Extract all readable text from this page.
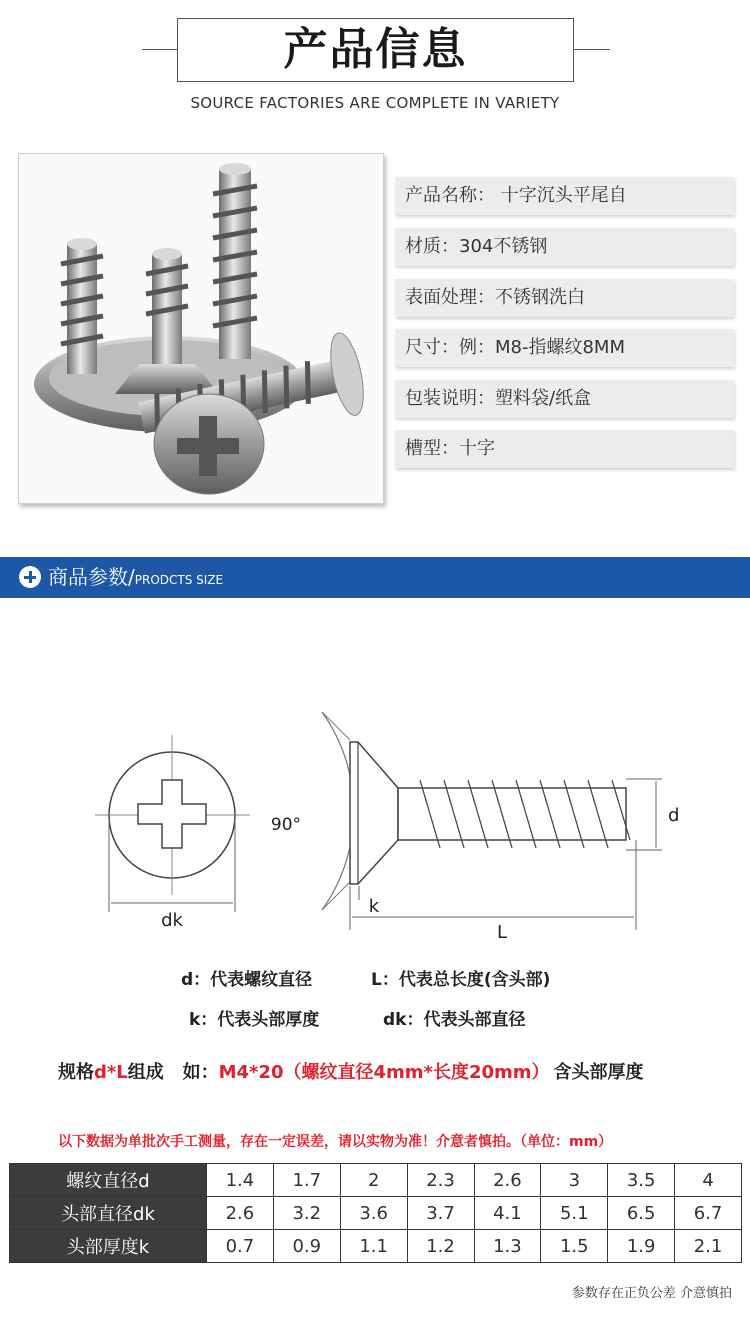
产品信息
SOURCE FACTORIES ARE COMPLETE IN VARIETY
产品名称： 十字沉头平尾自
材质：304不锈钢
表面处理：不锈钢洗白
尺寸：例：M8-指螺纹8MM
包装说明：塑料袋/纸盒
槽型：十字
商品参数/PRODCTS SIZE
dk
90°	d
k
L
d：代表螺纹直径	L：代表总长度(含头部)
k：代表头部厚度	dk：代表头部直径
规格d*L组成   如：M4*20（螺纹直径4mm*长度20mm） 含头部厚度
以下数据为单批次手工测量，存在一定误差，请以实物为准！介意者慎拍。（单位：mm）
螺纹直径d	1.4	1.7	2	2.3	2.6	3	3.5	4
头部直径dk	2.6	3.2	3.6	3.7	4.1	5.1	6.5	6.7
头部厚度k	0.7	0.9	1.1	1.2	1.3	1.5	1.9	2.1
参数存在正负公差 介意慎拍
